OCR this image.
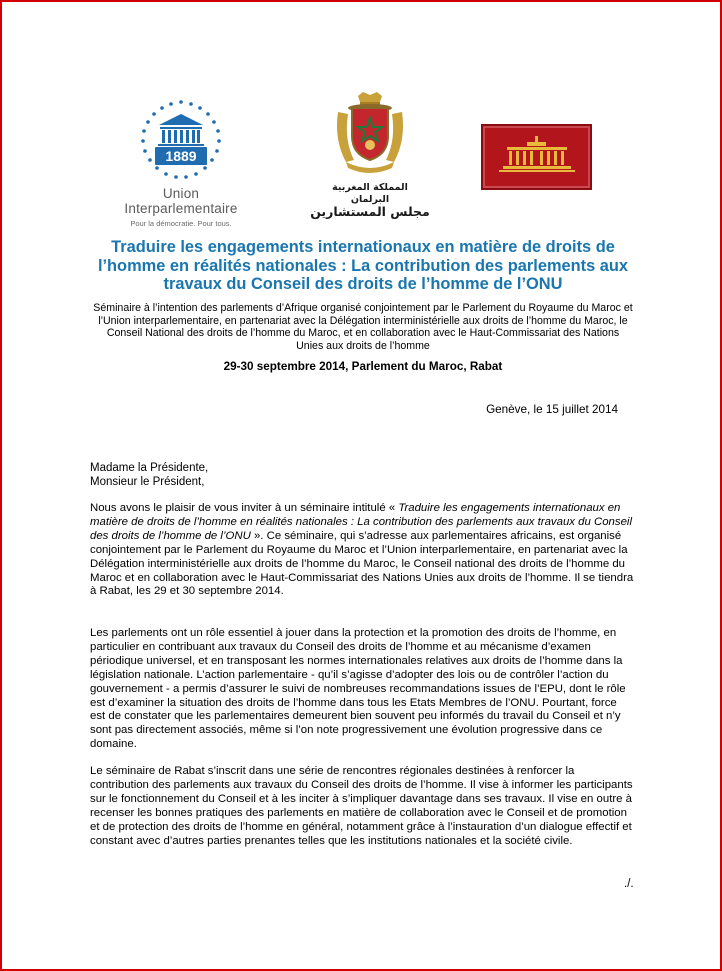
1889
Union Interparlementaire
Pour la démocratie. Pour tous.
المملكة المغربية
البرلمان
مجلس المستشارين
Traduire les engagements internationaux en matière de droits de l’homme en réalités nationales : La contribution des parlements aux travaux du Conseil des droits de l’homme de l’ONU
Séminaire à l’intention des parlements d’Afrique organisé conjointement par le Parlement du Royaume du Maroc et l’Union interparlementaire, en partenariat avec la Délégation interministérielle aux droits de l’homme du Maroc, le Conseil National des droits de l’homme du Maroc, et en collaboration avec le Haut-Commissariat des Nations Unies aux droits de l’homme
29-30 septembre 2014, Parlement du Maroc, Rabat
Genève, le 15 juillet 2014
Madame la Présidente,
Monsieur le Président,

Nous avons le plaisir de vous inviter à un séminaire intitulé « Traduire les engagements internationaux en matière de droits de l’homme en réalités nationales : La contribution des parlements aux travaux du Conseil des droits de l’homme de l’ONU ». Ce séminaire, qui s’adresse aux parlementaires africains, est organisé conjointement par le Parlement du Royaume du Maroc et l’Union interparlementaire, en partenariat avec la Délégation interministérielle aux droits de l’homme du Maroc, le Conseil national des droits de l’homme du Maroc et en collaboration avec le Haut-Commissariat des Nations Unies aux droits de l’homme. Il se tiendra à Rabat, les 29 et 30 septembre 2014.

Les parlements ont un rôle essentiel à jouer dans la protection et la promotion des droits de l’homme, en particulier en contribuant aux travaux du Conseil des droits de l’homme et au mécanisme d’examen périodique universel, et en transposant les normes internationales relatives aux droits de l’homme dans la législation nationale. L’action parlementaire - qu’il s’agisse d’adopter des lois ou de contrôler l’action du gouvernement - a permis d’assurer le suivi de nombreuses recommandations issues de l’EPU, dont le rôle est d’examiner la situation des droits de l’homme dans tous les Etats Membres de l’ONU. Pourtant, force est de constater que les parlementaires demeurent bien souvent peu informés du travail du Conseil et n’y sont pas directement associés, même si l’on note progressivement une évolution progressive dans ce domaine.

Le séminaire de Rabat s’inscrit dans une série de rencontres régionales destinées à renforcer la contribution des parlements aux travaux du Conseil des droits de l’homme. Il vise à informer les participants sur le fonctionnement du Conseil et à les inciter à s’impliquer davantage dans ses travaux. Il vise en outre à recenser les bonnes pratiques des parlements en matière de collaboration avec le Conseil et de promotion et de protection des droits de l’homme en général, notamment grâce à l’instauration d’un dialogue effectif et constant avec d’autres parties prenantes telles que les institutions nationales et la société civile.

./.
